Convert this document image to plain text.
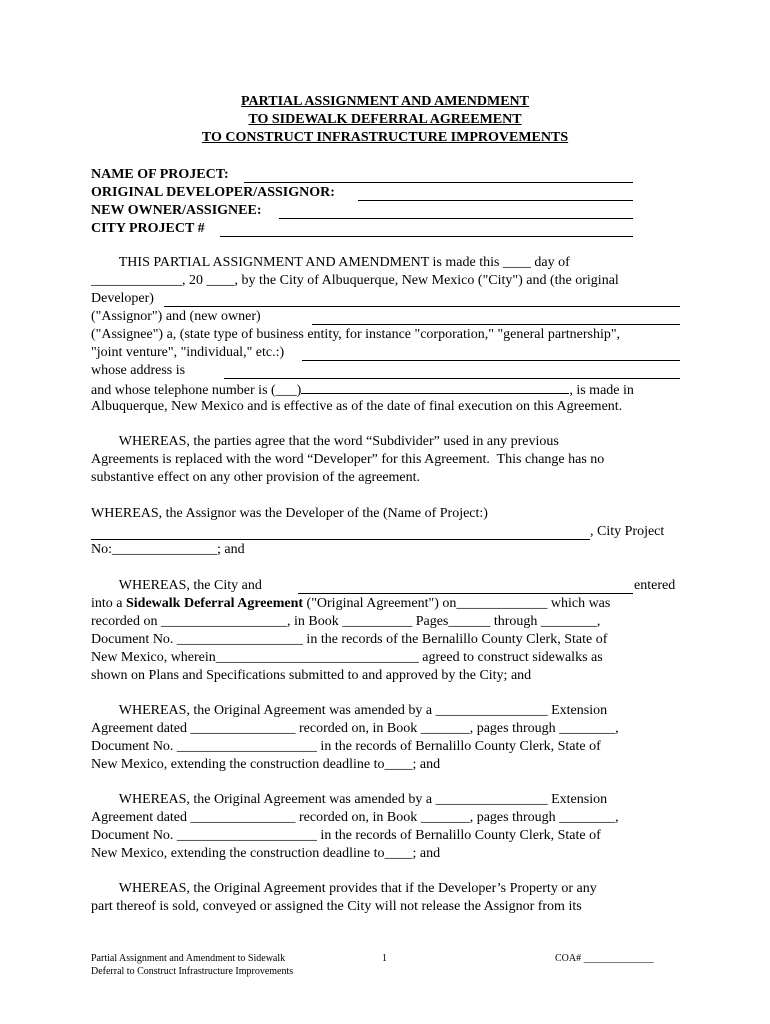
PARTIAL ASSIGNMENT AND AMENDMENT
TO SIDEWALK DEFERRAL AGREEMENT
TO CONSTRUCT INFRASTRUCTURE IMPROVEMENTS
NAME OF PROJECT:
ORIGINAL DEVELOPER/ASSIGNOR:
NEW OWNER/ASSIGNEE:
CITY PROJECT #
THIS PARTIAL ASSIGNMENT AND AMENDMENT is made this ____ day of
_____________, 20 ____, by the City of Albuquerque, New Mexico ("City") and (the original
Developer)
("Assignor") and (new owner)
("Assignee") a, (state type of business entity, for instance "corporation," "general partnership",
"joint venture", "individual," etc.:)
whose address is
and whose telephone number is (___)	, is made in
Albuquerque, New Mexico and is effective as of the date of final execution on this Agreement.
WHEREAS, the parties agree that the word “Subdivider” used in any previous
Agreements is replaced with the word “Developer” for this Agreement.  This change has no
substantive effect on any other provision of the agreement.
WHEREAS, the Assignor was the Developer of the (Name of Project:)
, City Project
No:_______________; and
WHEREAS, the City and	entered
into a Sidewalk Deferral Agreement ("Original Agreement") on_____________ which was
recorded on __________________, in Book __________ Pages______ through ________,
Document No. __________________ in the records of the Bernalillo County Clerk, State of
New Mexico, wherein_____________________________ agreed to construct sidewalks as
shown on Plans and Specifications submitted to and approved by the City; and
WHEREAS, the Original Agreement was amended by a ________________ Extension
Agreement dated _______________ recorded on, in Book _______, pages through ________,
Document No. ____________________ in the records of Bernalillo County Clerk, State of
New Mexico, extending the construction deadline to____; and
WHEREAS, the Original Agreement was amended by a ________________ Extension
Agreement dated _______________ recorded on, in Book _______, pages through ________,
Document No. ____________________ in the records of Bernalillo County Clerk, State of
New Mexico, extending the construction deadline to____; and
WHEREAS, the Original Agreement provides that if the Developer’s Property or any
part thereof is sold, conveyed or assigned the City will not release the Assignor from its
Partial Assignment and Amendment to Sidewalk
Deferral to Construct Infrastructure Improvements
1	COA# ______________
